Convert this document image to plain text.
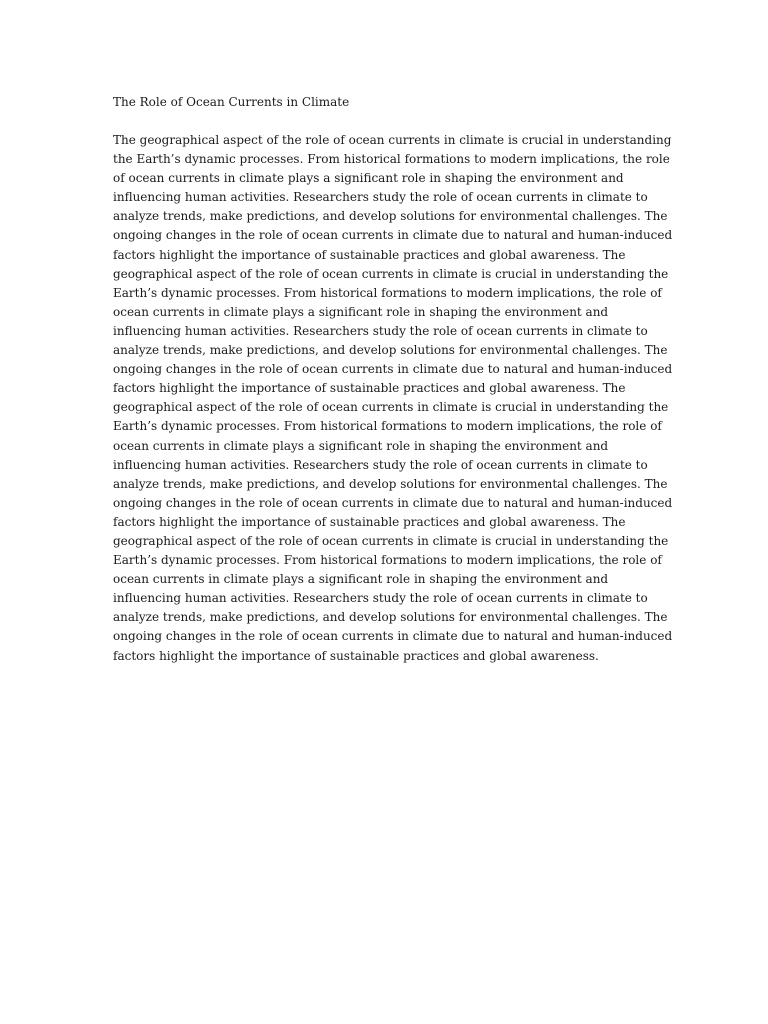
The Role of Ocean Currents in Climate
The geographical aspect of the role of ocean currents in climate is crucial in understanding
the Earth’s dynamic processes. From historical formations to modern implications, the role
of ocean currents in climate plays a significant role in shaping the environment and
influencing human activities. Researchers study the role of ocean currents in climate to
analyze trends, make predictions, and develop solutions for environmental challenges. The
ongoing changes in the role of ocean currents in climate due to natural and human-induced
factors highlight the importance of sustainable practices and global awareness. The
geographical aspect of the role of ocean currents in climate is crucial in understanding the
Earth’s dynamic processes. From historical formations to modern implications, the role of
ocean currents in climate plays a significant role in shaping the environment and
influencing human activities. Researchers study the role of ocean currents in climate to
analyze trends, make predictions, and develop solutions for environmental challenges. The
ongoing changes in the role of ocean currents in climate due to natural and human-induced
factors highlight the importance of sustainable practices and global awareness. The
geographical aspect of the role of ocean currents in climate is crucial in understanding the
Earth’s dynamic processes. From historical formations to modern implications, the role of
ocean currents in climate plays a significant role in shaping the environment and
influencing human activities. Researchers study the role of ocean currents in climate to
analyze trends, make predictions, and develop solutions for environmental challenges. The
ongoing changes in the role of ocean currents in climate due to natural and human-induced
factors highlight the importance of sustainable practices and global awareness. The
geographical aspect of the role of ocean currents in climate is crucial in understanding the
Earth’s dynamic processes. From historical formations to modern implications, the role of
ocean currents in climate plays a significant role in shaping the environment and
influencing human activities. Researchers study the role of ocean currents in climate to
analyze trends, make predictions, and develop solutions for environmental challenges. The
ongoing changes in the role of ocean currents in climate due to natural and human-induced
factors highlight the importance of sustainable practices and global awareness.
